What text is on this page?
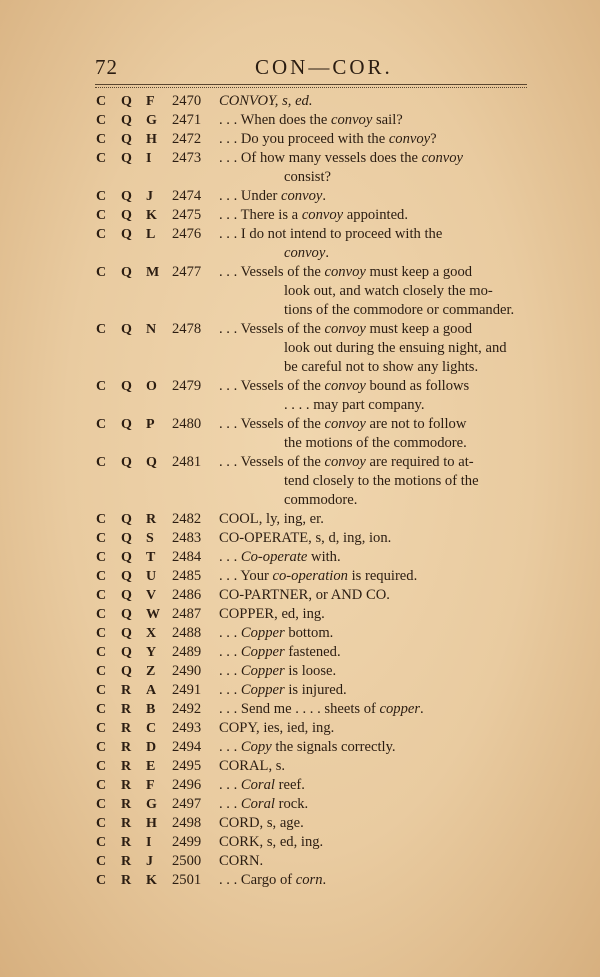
72	CON—COR.
C Q F 2470 CONVOY, s, ed.
C Q G 2471 . . . When does the convoy sail?
C Q H 2472 . . . Do you proceed with the convoy?
C Q I 2473 . . . Of how many vessels does the convoy
consist?
C Q J 2474 . . . Under convoy.
C Q K 2475 . . . There is a convoy appointed.
C Q L 2476 . . . I do not intend to proceed with the
convoy.
C Q M 2477 . . . Vessels of the convoy must keep a good
look out, and watch closely the mo-
tions of the commodore or commander.
C Q N 2478 . . . Vessels of the convoy must keep a good
look out during the ensuing night, and
be careful not to show any lights.
C Q O 2479 . . . Vessels of the convoy bound as follows
. . . . may part company.
C Q P 2480 . . . Vessels of the convoy are not to follow
the motions of the commodore.
C Q Q 2481 . . . Vessels of the convoy are required to at-
tend closely to the motions of the
commodore.
C Q R 2482 COOL, ly, ing, er.
C Q S 2483 CO-OPERATE, s, d, ing, ion.
C Q T 2484 . . . Co-operate with.
C Q U 2485 . . . Your co-operation is required.
C Q V 2486 CO-PARTNER, or AND CO.
C Q W 2487 COPPER, ed, ing.
C Q X 2488 . . . Copper bottom.
C Q Y 2489 . . . Copper fastened.
C Q Z 2490 . . . Copper is loose.
C R A 2491 . . . Copper is injured.
C R B 2492 . . . Send me . . . . sheets of copper.
C R C 2493 COPY, ies, ied, ing.
C R D 2494 . . . Copy the signals correctly.
C R E 2495 CORAL, s.
C R F 2496 . . . Coral reef.
C R G 2497 . . . Coral rock.
C R H 2498 CORD, s, age.
C R I 2499 CORK, s, ed, ing.
C R J 2500 CORN.
C R K 2501 . . . Cargo of corn.
